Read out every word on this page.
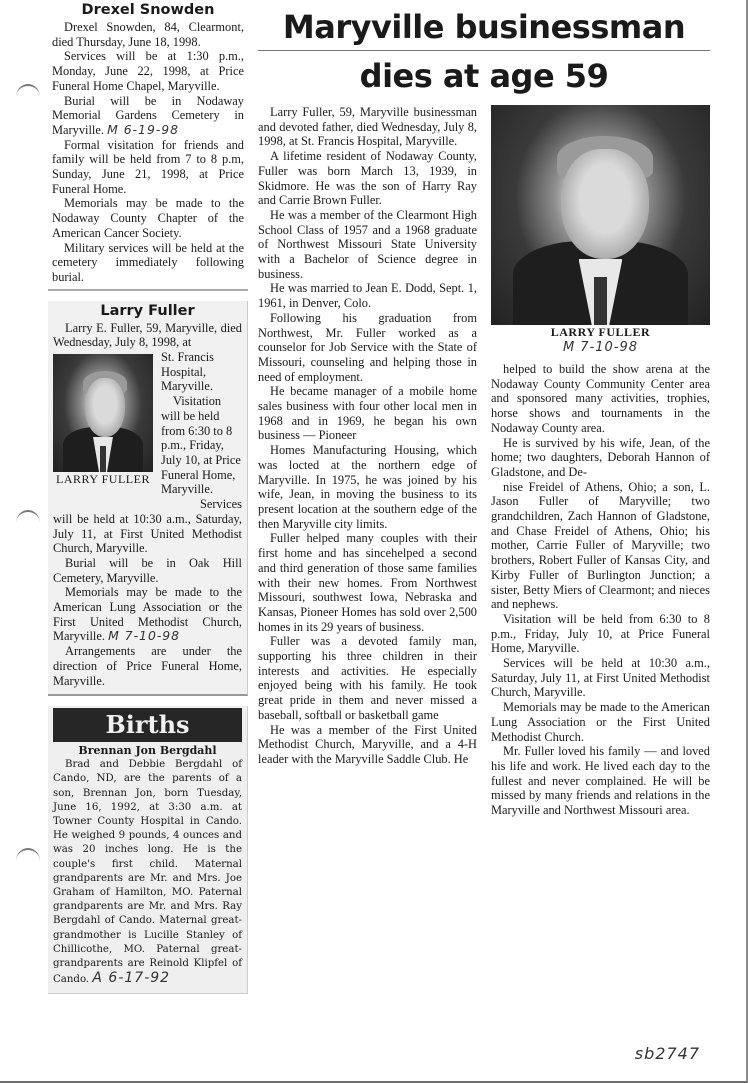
Drexel Snowden

Drexel Snowden, 84, Clearmont, died Thursday, June 18, 1998.

Services will be at 1:30 p.m., Monday, June 22, 1998, at Price Funeral Home Chapel, Maryville.

Burial will be in Nodaway Memorial Gardens Cemetery in Maryville. M 6-19-98

Formal visitation for friends and family will be held from 7 to 8 p.m, Sunday, June 21, 1998, at Price Funeral Home.

Memorials may be made to the Nodaway County Chapter of the American Cancer Society.

Military services will be held at the cemetery immediately following burial.

Larry Fuller

Larry E. Fuller, 59, Maryville, died Wednesday, July 8, 1998, at

LARRY FULLER
St. Francis Hospital, Maryville.

Visitation will be held from 6:30 to 8 p.m., Friday, July 10, at Price Funeral Home, Maryville.

Services

will be held at 10:30 a.m., Saturday, July 11, at First United Methodist Church, Maryville.

Burial will be in Oak Hill Cemetery, Maryville.

Memorials may be made to the American Lung Association or the First United Methodist Church, Maryville. M 7-10-98

Arrangements are under the direction of Price Funeral Home, Maryville.

Births
Brennan Jon Bergdahl

Brad and Debbie Bergdahl of Cando, ND, are the parents of a son, Brennan Jon, born Tuesday, June 16, 1992, at 3:30 a.m. at Towner County Hospital in Cando. He weighed 9 pounds, 4 ounces and was 20 inches long. He is the couple's first child. Maternal grandparents are Mr. and Mrs. Joe Graham of Hamilton, MO. Paternal grandparents are Mr. and Mrs. Ray Bergdahl of Cando. Maternal great-grandmother is Lucille Stanley of Chillicothe, MO. Paternal great-grandparents are Reinold Klipfel of Cando. A 6-17-92

Maryville businessman
dies at age 59

Larry Fuller, 59, Maryville businessman and devoted father, died Wednesday, July 8, 1998, at St. Francis Hospital, Maryville.

A lifetime resident of Nodaway County, Fuller was born March 13, 1939, in Skidmore. He was the son of Harry Ray and Carrie Brown Fuller.

He was a member of the Clearmont High School Class of 1957 and a 1968 graduate of Northwest Missouri State University with a Bachelor of Science degree in business.

He was married to Jean E. Dodd, Sept. 1, 1961, in Denver, Colo.

Following his graduation from Northwest, Mr. Fuller worked as a counselor for Job Service with the State of Missouri, counseling and helping those in need of employment.

He became manager of a mobile home sales business with four other local men in 1968 and in 1969, he began his own business — Pioneer

Homes Manufacturing Housing, which was locted at the northern edge of Maryville. In 1975, he was joined by his wife, Jean, in moving the business to its present location at the southern edge of the then Maryville city limits.

Fuller helped many couples with their first home and has sincehelped a second and third generation of those same families with their new homes. From Northwest Missouri, southwest Iowa, Nebraska and Kansas, Pioneer Homes has sold over 2,500 homes in its 29 years of business.

Fuller was a devoted family man, supporting his three children in their interests and activities. He especially enjoyed being with his family. He took great pride in them and never missed a baseball, softball or basketball game

He was a member of the First United Methodist Church, Maryville, and a 4-H leader with the Maryville Saddle Club. He

LARRY FULLER
M 7-10-98

helped to build the show arena at the Nodaway County Community Center area and sponsored many activities, trophies, horse shows and tournaments in the Nodaway County area.

He is survived by his wife, Jean, of the home; two daughters, Deborah Hannon of Gladstone, and De-

nise Freidel of Athens, Ohio; a son, L. Jason Fuller of Maryville; two grandchildren, Zach Hannon of Gladstone, and Chase Freidel of Athens, Ohio; his mother, Carrie Fuller of Maryville; two brothers, Robert Fuller of Kansas City, and Kirby Fuller of Burlington Junction; a sister, Betty Miers of Clearmont; and nieces and nephews.

Visitation will be held from 6:30 to 8 p.m., Friday, July 10, at Price Funeral Home, Maryville.

Services will be held at 10:30 a.m., Saturday, July 11, at First United Methodist Church, Maryville.

Memorials may be made to the American Lung Association or the First United Methodist Church.

Mr. Fuller loved his family — and loved his life and work. He lived each day to the fullest and never complained. He will be missed by many friends and relations in the Maryville and Northwest Missouri area.

sb2747
